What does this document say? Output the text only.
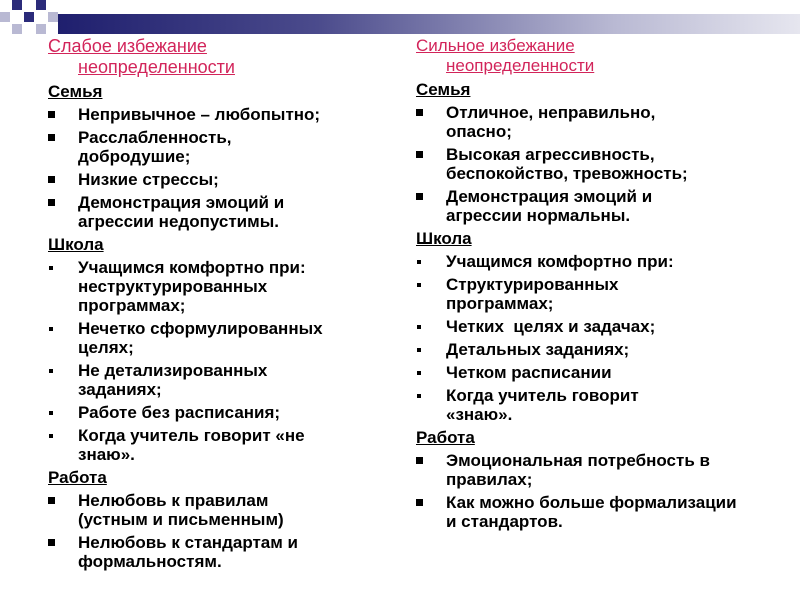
Слабое избежание
неопределенности
Семья
Непривычное – любопытно;
Расслабленность, добродушие;
Низкие стрессы;
Демонстрация эмоций и агрессии недопустимы.
Школа
Учащимся комфортно при: неструктурированных программах;
Нечетко сформулированных целях;
Не детализированных заданиях;
Работе без расписания;
Когда учитель говорит «не знаю».
Работа
Нелюбовь к правилам (устным и письменным)
Нелюбовь к стандартам и формальностям.
Сильное избежание
неопределенности
Семья
Отличное, неправильно, опасно;
Высокая агрессивность, беспокойство, тревожность;
Демонстрация эмоций и агрессии нормальны.
Школа
Учащимся комфортно при:
Структурированных программах;
Четких  целях и задачах;
Детальных заданиях;
Четком расписании
Когда учитель говорит «знаю».
Работа
Эмоциональная потребность в правилах;
Как можно больше формализации и стандартов.
